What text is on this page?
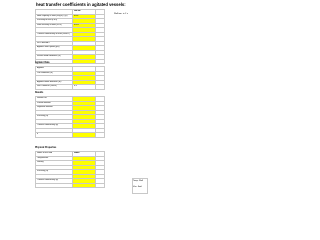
heat transfer coefficients in agitated vessels:
	VALUE	
Heat capacity of fluid (J/kg.K) (Cp)	4181	
Viscosity of fluid (Pa.s)		
Wall Viscosity of fluid (Pa.s)	0.001	

Thermal conductivity of fluid (W/m.K)		

SR1 Method II		
Agitator shaft speed (rps)		

Vessel inside diameter (m)		

Wall tem. in C =
Agitator Data
Agitator		
Coil Diameter (m)		

Agitator blade diameter (m)		
Rev. Diameter (Dd/Dt)	0.3	
Results
Nusselt no.		
Prandtl number		
Reynolds number		

Viscosity (N)		

Thermal conductivity (k)		

h		
Physical Properties
Name of the fluid	Water	
Temperature		
Density		

Viscosity (N)		

Thermal conductivity (k)		
			Temp. Wall
Visc. fluid
